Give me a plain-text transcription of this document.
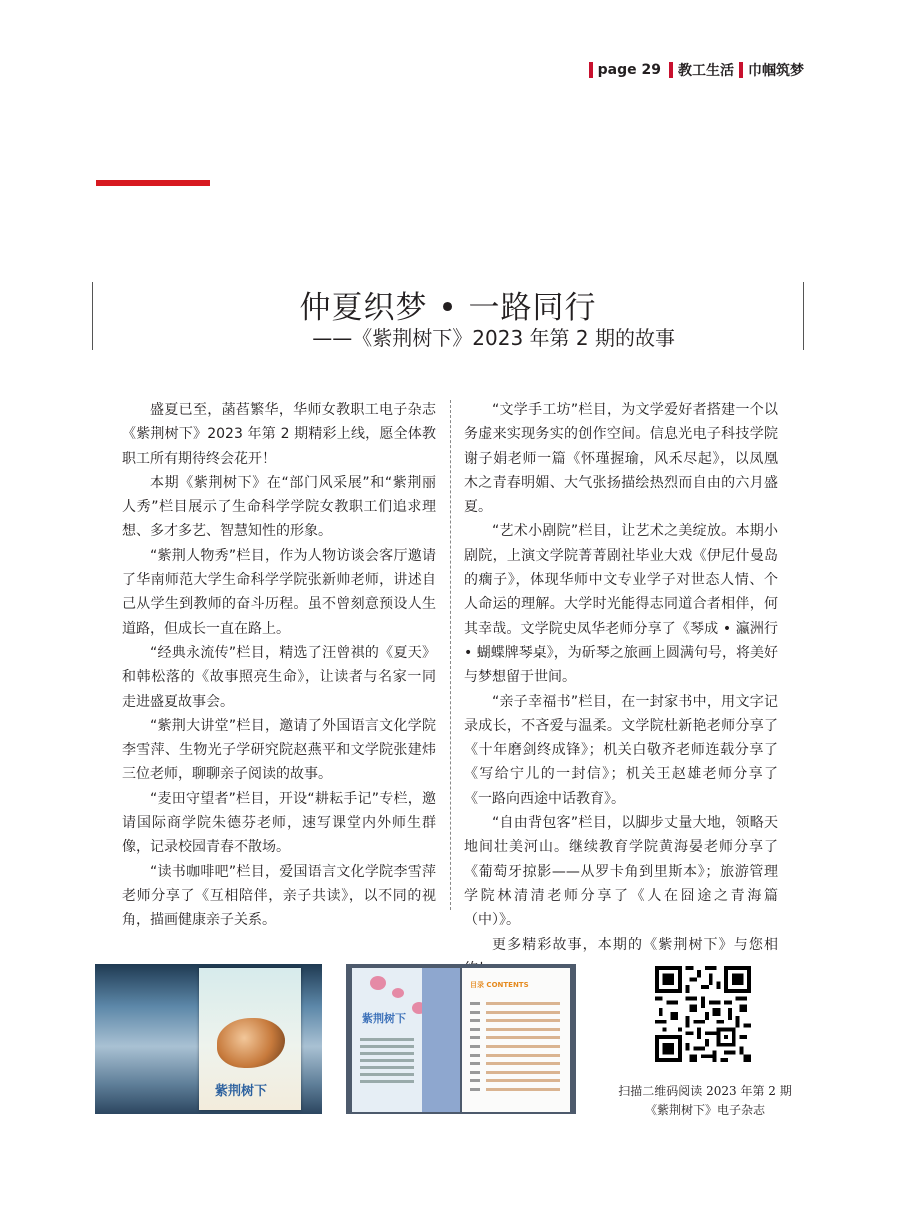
page 29 教工生活 巾帼筑梦
仲夏织梦 • 一路同行
——《紫荆树下》2023 年第 2 期的故事

盛夏已至，菡萏繁华，华师女教职工电子杂志《紫荆树下》2023 年第 2 期精彩上线，愿全体教职工所有期待终会花开！

本期《紫荆树下》在“部门风采展”和“紫荆丽人秀”栏目展示了生命科学学院女教职工们追求理想、多才多艺、智慧知性的形象。

“紫荆人物秀”栏目，作为人物访谈会客厅邀请了华南师范大学生命科学学院张新帅老师，讲述自己从学生到教师的奋斗历程。虽不曾刻意预设人生道路，但成长一直在路上。

“经典永流传”栏目，精选了汪曾祺的《夏天》和韩松落的《故事照亮生命》，让读者与名家一同走进盛夏故事会。

“紫荆大讲堂”栏目，邀请了外国语言文化学院李雪萍、生物光子学研究院赵燕平和文学院张建炜三位老师，聊聊亲子阅读的故事。

“麦田守望者”栏目，开设“耕耘手记”专栏，邀请国际商学院朱德芬老师，速写课堂内外师生群像，记录校园青春不散场。

“读书咖啡吧”栏目，爱国语言文化学院李雪萍老师分享了《互相陪伴，亲子共读》，以不同的视角，描画健康亲子关系。

“文学手工坊”栏目，为文学爱好者搭建一个以务虚来实现务实的创作空间。信息光电子科技学院谢子娟老师一篇《怀瑾握瑜，风禾尽起》，以凤凰木之青春明媚、大气张扬描绘热烈而自由的六月盛夏。

“艺术小剧院”栏目，让艺术之美绽放。本期小剧院，上演文学院菁菁剧社毕业大戏《伊尼什曼岛的瘸子》，体现华师中文专业学子对世态人情、个人命运的理解。大学时光能得志同道合者相伴，何其幸哉。文学院史凤华老师分享了《琴成 • 瀛洲行 • 蝴蝶牌琴桌》，为斫琴之旅画上圆满句号，将美好与梦想留于世间。

“亲子幸福书”栏目，在一封家书中，用文字记录成长，不吝爱与温柔。文学院杜新艳老师分享了《十年磨剑终成锋》；机关白敬齐老师连载分享了《写给宁儿的一封信》；机关王赵雄老师分享了《一路向西途中话教育》。

“自由背包客”栏目，以脚步丈量大地，领略天地间壮美河山。继续教育学院黄海晏老师分享了《葡萄牙掠影——从罗卡角到里斯本》；旅游管理学院林清清老师分享了《人在囧途之青海篇（中）》。

更多精彩故事，本期的《紫荆树下》与您相

紫荆树下
紫荆树下
目录 CONTENTS
扫描二维码阅读 2023 年第 2 期
《紫荆树下》电子杂志
